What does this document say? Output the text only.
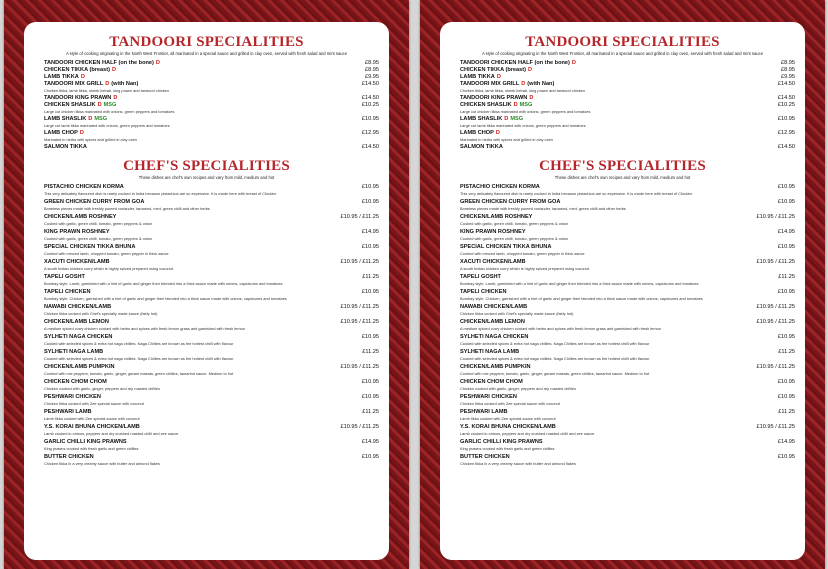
TANDOORI SPECIALITIES
A style of cooking originating in the North West Frontier, all marinated in a special sauce and grilled in clay oven, served with fresh salad and mint sauce
TANDOORI CHICKEN HALF (on the bone) D	£8.95
CHICKEN TIKKA (breast) D	£8.95
LAMB TIKKA D	£9.95
TANDOORI MIX GRILL D (with Nan)	£14.50
Chicken tikka, lamb tikka, sheek kebab, king prawn and tandoori chicken
TANDOORI KING PRAWN D	£14.50
CHICKEN SHASLIK D MSG	£10.25
Large cut chicken tikka marinated with onions, green peppers and tomatoes
LAMB SHASLIK D MSG	£10.95
Large cut lamb tikka marinated with onions, green peppers and tomatoes
LAMB CHOP D	£12.95
Marinated in herbs with spices and grilled in clay oven
SALMON TIKKA	£14.50
CHEF'S SPECIALITIES
These dishes are chef's own recipes and vary from mild, medium and hot
PISTACHIO CHICKEN KORMA	£10.95
This very delicately flavoured dish is rarely cooked in India because pistachios are so expensive. It is made here with breast of Chicken
GREEN CHICKEN CURRY FROM GOA	£10.95
Boneless pieces made with freshly pureed coriander, tamarind, mint, green chilli and other herbs
CHICKEN/LAMB ROSHNEY	£10.95 / £11.25
Cooked with garlic, green chilli, tomato, green peppers & onion
KING PRAWN ROSHNEY	£14.95
Cooked with garlic, green chilli, tomato, green peppers & onion
SPECIAL CHICKEN TIKKA BHUNA	£10.95
Cooked with minced lamb, chopped tomato, green pepper in thick sauce
XACUTI CHICKEN/LAMB	£10.95 / £11.25
A south Indian chicken curry which is highly spiced prepared using coconut.
TAPELI GOSHT	£11.25
Bombay style. Lamb, garnished with a hint of garlic and ginger then blended into a thick sauce made with onions, capsicums and tomatoes
TAPELI CHICKEN	£10.95
Bombay style. Chicken, garnished with a hint of garlic and ginger then blended into a thick sauce made with onions, capsicums and tomatoes
NAWABI CHICKEN/LAMB	£10.95 / £11.25
Chicken tikka cooked with Chef's specially made sauce (fairly hot)
CHICKEN/LAMB LEMON	£10.95 / £11.25
A medium spiced curry chicken cooked with herbs and spices with fresh lemon grass and garnished with fresh lemon
SYLHETI NAGA CHICKEN	£10.95
Cooked with selected spices & extra hot naga chillies. Naga Chillies are known as the hottest chilli with flavour
SYLHETI NAGA LAMB	£11.25
Cooked with selected spices & extra hot naga chillies. Naga Chillies are known as the hottest chilli with flavour
CHICKEN/LAMB PUMPKIN	£10.95 / £11.25
Cooked with mix peppers, tomato, garlic, ginger, garam masala, green chillies, tamarind sauce. Medium to hot
CHICKEN CHOM CHOM	£10.95
Chicken cooked with garlic, ginger, peppers and dry roasted chillies
PESHWARI CHICKEN	£10.95
Chicken tikka cooked with Zee special sauce with coconut
PESHWARI LAMB	£11.25
Lamb tikka cooked with Zee special sauce with coconut
Y.S. KORAI BHUNA CHICKEN/LAMB	£10.95 / £11.25
Lamb cooked in onions, peppers and dry crushed roasted chilli and zee sauce
GARLIC CHILLI KING PRAWNS	£14.95
King prawns cooked with fresh garlic and green chillies
BUTTER CHICKEN	£10.95
Chicken tikka in a very creamy sauce with butter and almond flakes
TANDOORI SPECIALITIES
A style of cooking originating in the North West Frontier, all marinated in a special sauce and grilled in clay oven, served with fresh salad and mint sauce
TANDOORI CHICKEN HALF (on the bone) D	£8.95
CHICKEN TIKKA (breast) D	£8.95
LAMB TIKKA D	£9.95
TANDOORI MIX GRILL D (with Nan)	£14.50
Chicken tikka, lamb tikka, sheek kebab, king prawn and tandoori chicken
TANDOORI KING PRAWN D	£14.50
CHICKEN SHASLIK D MSG	£10.25
Large cut chicken tikka marinated with onions, green peppers and tomatoes
LAMB SHASLIK D MSG	£10.95
Large cut lamb tikka marinated with onions, green peppers and tomatoes
LAMB CHOP D	£12.95
Marinated in herbs with spices and grilled in clay oven
SALMON TIKKA	£14.50
CHEF'S SPECIALITIES
These dishes are chef's own recipes and vary from mild, medium and hot
PISTACHIO CHICKEN KORMA	£10.95
This very delicately flavoured dish is rarely cooked in India because pistachios are so expensive. It is made here with breast of Chicken
GREEN CHICKEN CURRY FROM GOA	£10.95
Boneless pieces made with freshly pureed coriander, tamarind, mint, green chilli and other herbs
CHICKEN/LAMB ROSHNEY	£10.95 / £11.25
Cooked with garlic, green chilli, tomato, green peppers & onion
KING PRAWN ROSHNEY	£14.95
Cooked with garlic, green chilli, tomato, green peppers & onion
SPECIAL CHICKEN TIKKA BHUNA	£10.95
Cooked with minced lamb, chopped tomato, green pepper in thick sauce
XACUTI CHICKEN/LAMB	£10.95 / £11.25
A south Indian chicken curry which is highly spiced prepared using coconut.
TAPELI GOSHT	£11.25
Bombay style. Lamb, garnished with a hint of garlic and ginger then blended into a thick sauce made with onions, capsicums and tomatoes
TAPELI CHICKEN	£10.95
Bombay style. Chicken, garnished with a hint of garlic and ginger then blended into a thick sauce made with onions, capsicums and tomatoes
NAWABI CHICKEN/LAMB	£10.95 / £11.25
Chicken tikka cooked with Chef's specially made sauce (fairly hot)
CHICKEN/LAMB LEMON	£10.95 / £11.25
A medium spiced curry chicken cooked with herbs and spices with fresh lemon grass and garnished with fresh lemon
SYLHETI NAGA CHICKEN	£10.95
Cooked with selected spices & extra hot naga chillies. Naga Chillies are known as the hottest chilli with flavour
SYLHETI NAGA LAMB	£11.25
Cooked with selected spices & extra hot naga chillies. Naga Chillies are known as the hottest chilli with flavour
CHICKEN/LAMB PUMPKIN	£10.95 / £11.25
Cooked with mix peppers, tomato, garlic, ginger, garam masala, green chillies, tamarind sauce. Medium to hot
CHICKEN CHOM CHOM	£10.95
Chicken cooked with garlic, ginger, peppers and dry roasted chillies
PESHWARI CHICKEN	£10.95
Chicken tikka cooked with Zee special sauce with coconut
PESHWARI LAMB	£11.25
Lamb tikka cooked with Zee special sauce with coconut
Y.S. KORAI BHUNA CHICKEN/LAMB	£10.95 / £11.25
Lamb cooked in onions, peppers and dry crushed roasted chilli and zee sauce
GARLIC CHILLI KING PRAWNS	£14.95
King prawns cooked with fresh garlic and green chillies
BUTTER CHICKEN	£10.95
Chicken tikka in a very creamy sauce with butter and almond flakes
